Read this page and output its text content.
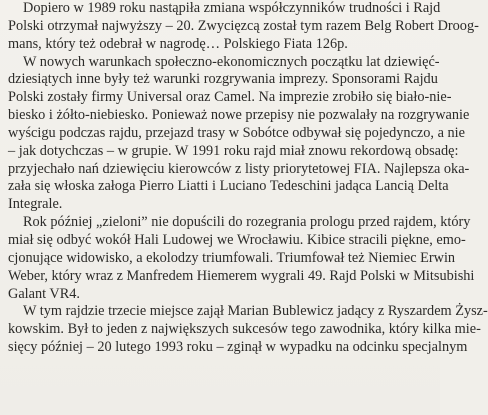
Dopiero w 1989 roku nastąpiła zmiana współczynników trudności i Rajd
Polski otrzymał najwyższy – 20. Zwycięzcą został tym razem Belg Robert Droog-
mans, który też odebrał w nagrodę… Polskiego Fiata 126p.
W nowych warunkach społeczno-ekonomicznych początku lat dziewięć-
dziesiątych inne były też warunki rozgrywania imprezy. Sponsorami Rajdu
Polski zostały firmy Universal oraz Camel. Na imprezie zrobiło się biało-nie-
biesko i żółto-niebiesko. Ponieważ nowe przepisy nie pozwalały na rozgrywanie
wyścigu podczas rajdu, przejazd trasy w Sobótce odbywał się pojedynczo, a nie
– jak dotychczas – w grupie. W 1991 roku rajd miał znowu rekordową obsadę:
przyjechało nań dziewięciu kierowców z listy priorytetowej FIA. Najlepsza oka-
zała się włoska załoga Pierro Liatti i Luciano Tedeschini jadąca Lancią Delta
Integrale.
Rok później „zieloni” nie dopuścili do rozegrania prologu przed rajdem, który
miał się odbyć wokół Hali Ludowej we Wrocławiu. Kibice stracili piękne, emo-
cjonujące widowisko, a ekolodzy triumfowali. Triumfował też Niemiec Erwin
Weber, który wraz z Manfredem Hiemerem wygrali 49. Rajd Polski w Mitsubishi
Galant VR4.
W tym rajdzie trzecie miejsce zajął Marian Bublewicz jadący z Ryszardem Żysz-
kowskim. Był to jeden z największych sukcesów tego zawodnika, który kilka mie-
sięcy później – 20 lutego 1993 roku – zginął w wypadku na odcinku specjalnym
